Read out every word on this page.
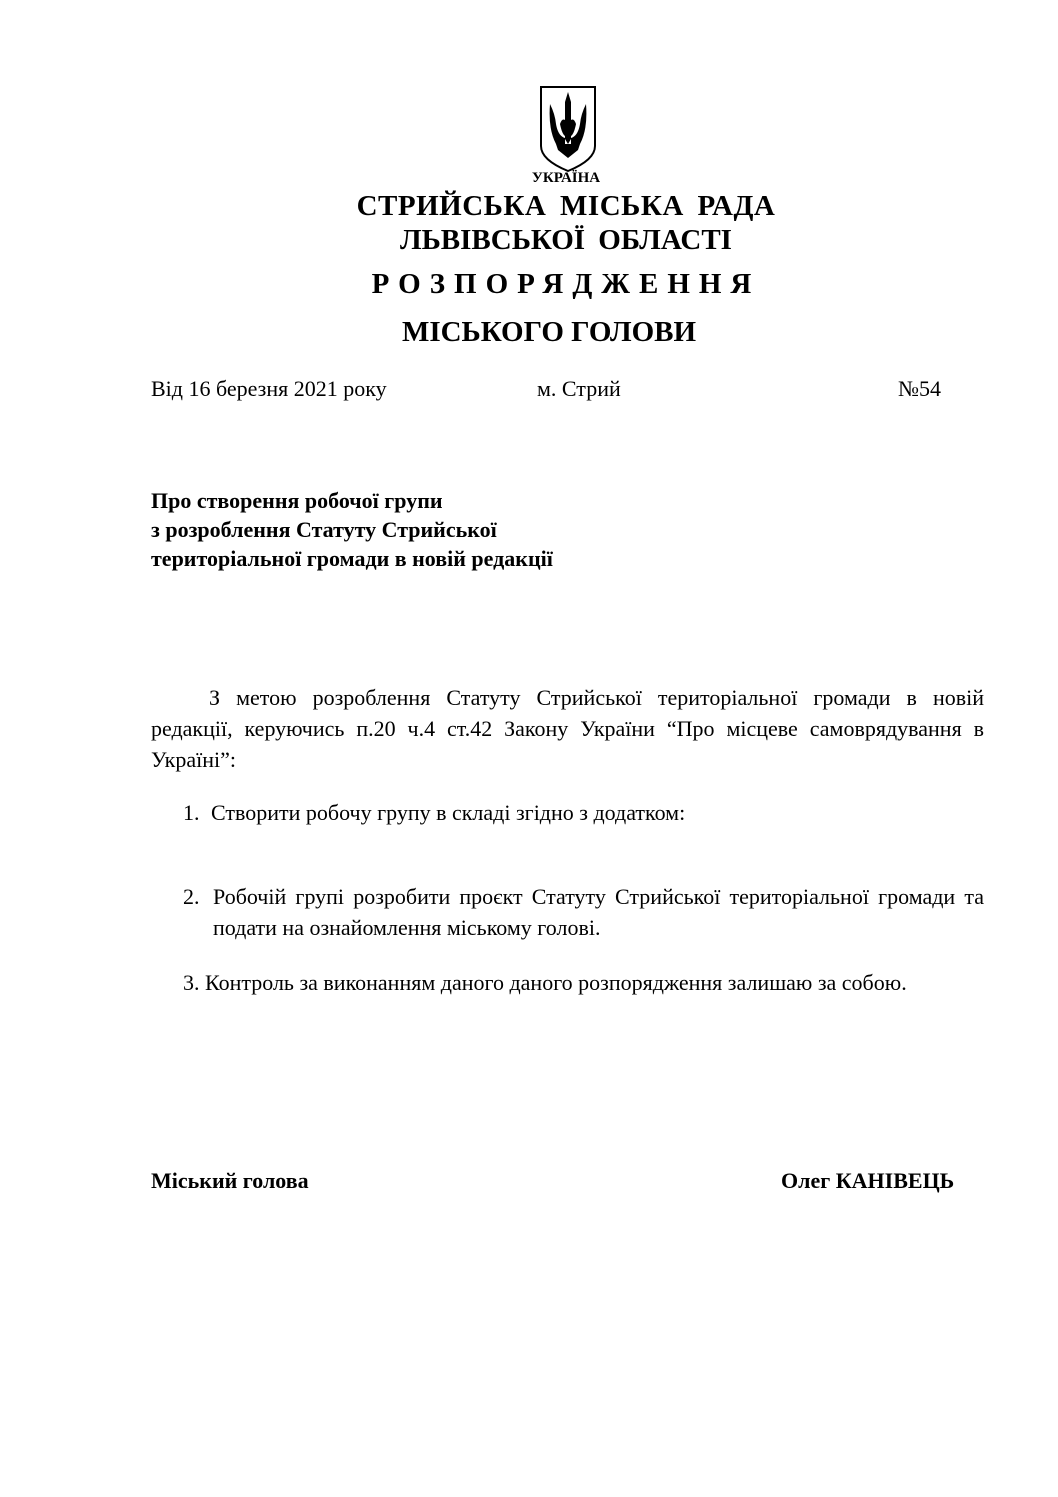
УКРАЇНА
СТРИЙСЬКА МІСЬКА РАДА
ЛЬВІВСЬКОЇ ОБЛАСТІ
РОЗПОРЯДЖЕННЯ
МІСЬКОГО ГОЛОВИ
Від 16 березня 2021 року	м. Стрий	№54
Про створення робочої групи
з розроблення Статуту Стрийської
територіальної громади в новій редакції
З метою розроблення Статуту Стрийської територіальної громади в новій редакції, керуючись п.20 ч.4 ст.42 Закону України “Про місцеве самоврядування в Україні”:
1. Створити робочу групу в складі згідно з додатком:
2. Робочій групі розробити проєкт Статуту Стрийської територіальної громади та подати на ознайомлення міському голові.
3. Контроль за виконанням даного даного розпорядження залишаю за собою.
Міський голова	Олег КАНІВЕЦЬ
